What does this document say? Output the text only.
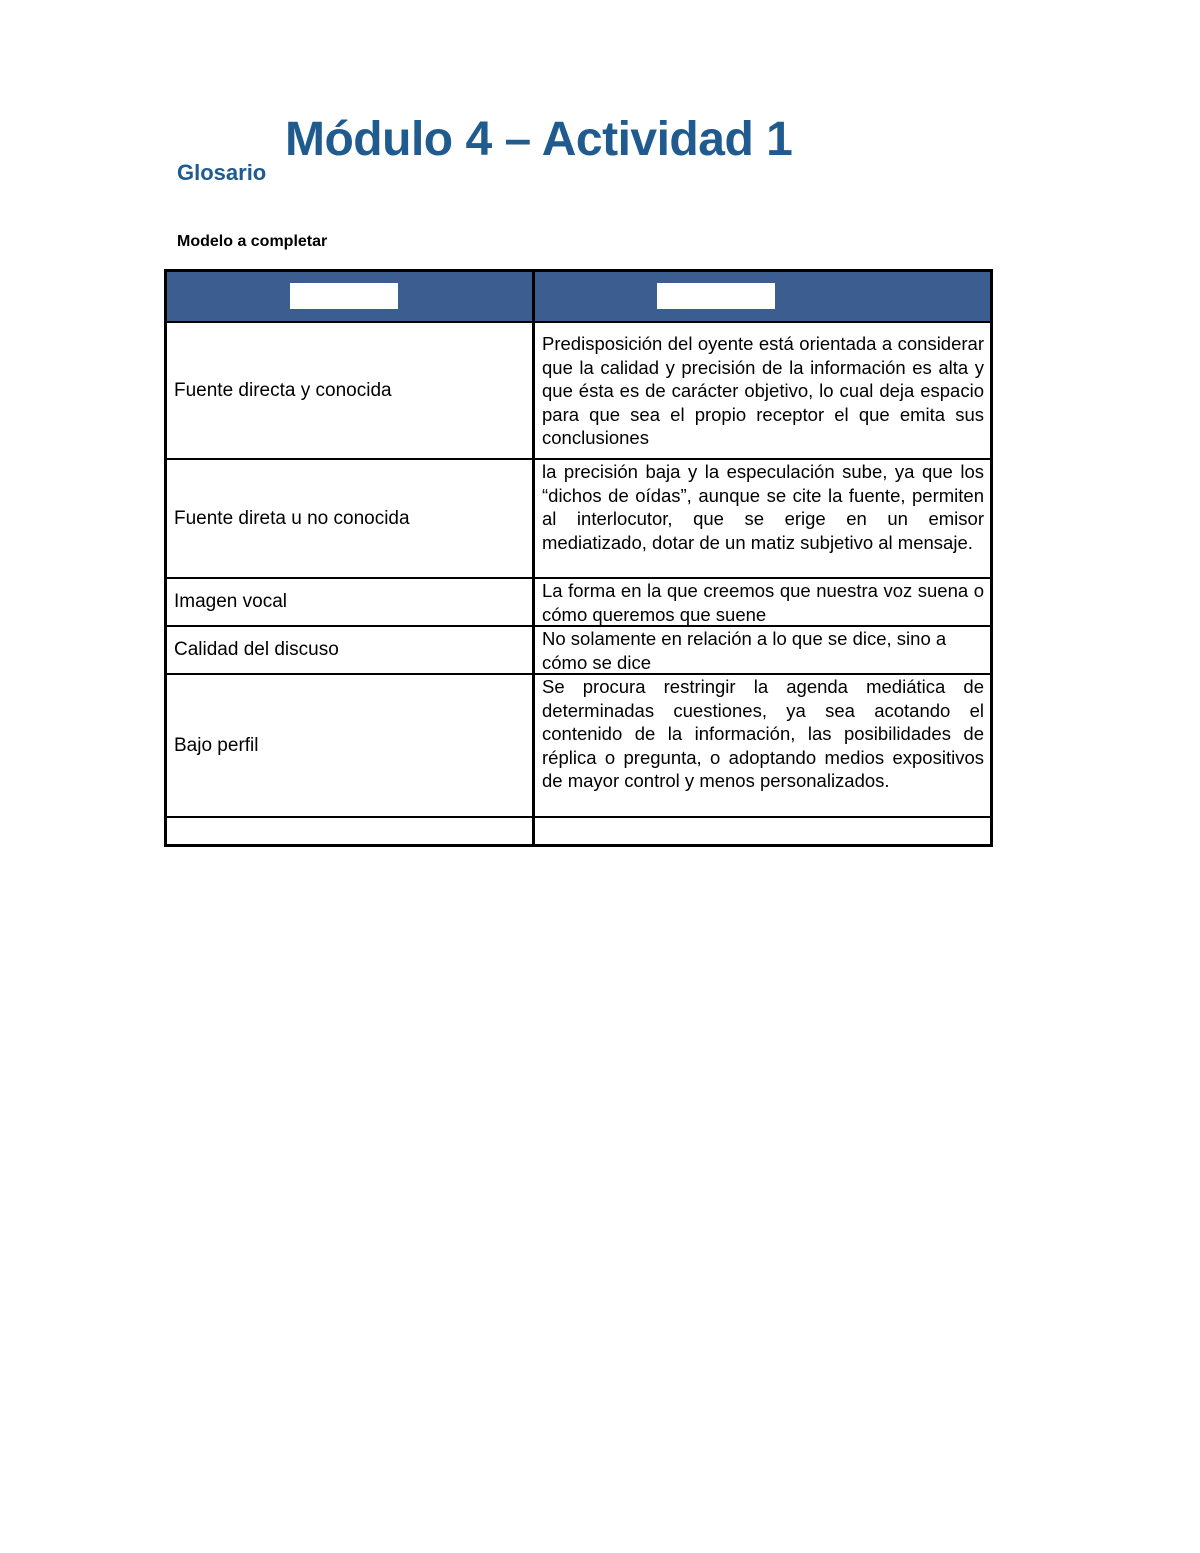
Módulo 4 – Actividad 1
Glosario
Modelo a completar
Fuente directa y conocida
Predisposición del oyente está orientada a considerar que la calidad y precisión de la información es alta y que ésta es de carácter objetivo, lo cual deja espacio para que sea el propio receptor el que emita sus conclusiones
Fuente direta u no conocida
la precisión baja y la especulación sube, ya que los “dichos de oídas”, aunque se cite la fuente, permiten al interlocutor, que se erige en un emisor mediatizado, dotar de un matiz subjetivo al mensaje.
Imagen vocal
La forma en la que creemos que nuestra voz suena o cómo queremos que suene
Calidad del discuso
No solamente en relación a lo que se dice, sino a cómo se dice
Bajo perfil
Se procura restringir la agenda mediática de determinadas cuestiones, ya sea acotando el contenido de la información, las posibilidades de réplica o pregunta, o adoptando medios expositivos de mayor control y menos personalizados.
